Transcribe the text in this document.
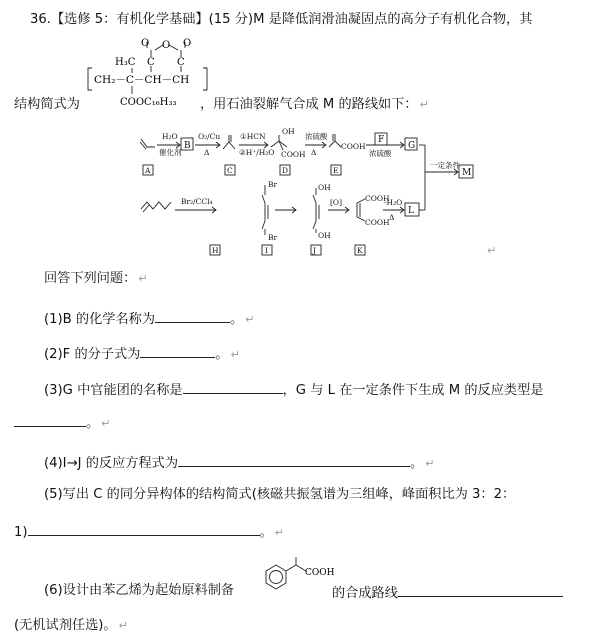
36.【选修 5：有机化学基础】(15 分)M 是降低润滑油凝固点的高分子有机化合物，其
O O O
H₃C C C
CH₂－C－CH－CH
COOC₁₆H₃₃
结构简式为	，用石油裂解气合成 M 的路线如下： ↵
H₂O
催化剂
B
O₂/Cu
Δ
①HCN
②H⁺/H₂O
OH
COOH
浓硫酸
Δ
COOH
F
浓硫酸
G
一定条件
M
Br₂/CCl₄
Br
Br
OH
OH
[O]	COOH
COOH
-H₂O
Δ
L
A	C	D	E
H	I	J	K	↵
回答下列问题： ↵
(1)B 的化学名称为	。 ↵
(2)F 的分子式为	。 ↵
(3)G 中官能团的名称是	，G 与 L 在一定条件下生成 M 的反应类型是
。 ↵
(4)I→J 的反应方程式为	。 ↵
(5)写出 C 的同分异构体的结构简式(核磁共振氢谱为三组峰，峰面积比为 3：2：
1)	。 ↵
COOH
(6)设计由苯乙烯为起始原料制备	的合成路线
(无机试剂任选)。 ↵
